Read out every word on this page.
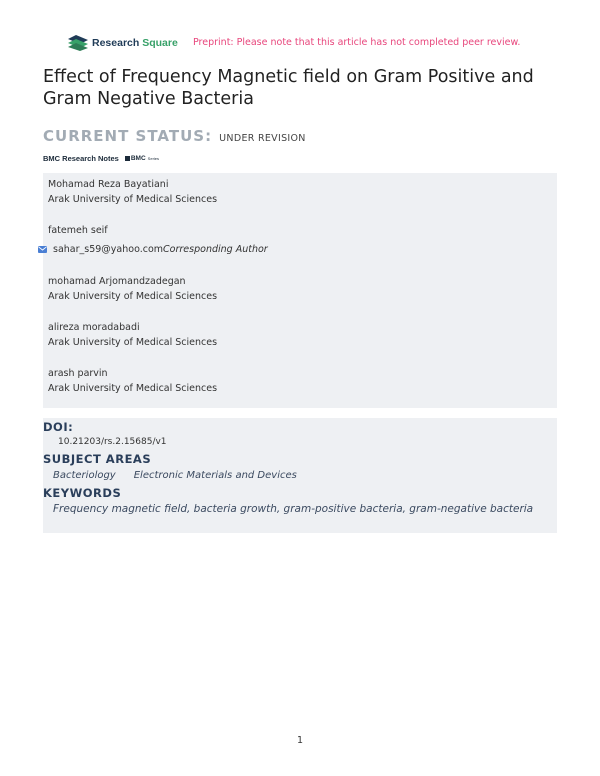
Research Square Preprint: Please note that this article has not completed peer review.
Effect of Frequency Magnetic field on Gram Positive and Gram Negative Bacteria
CURRENT STATUS: UNDER REVISION
BMC Research Notes BMC Series
Mohamad Reza Bayatiani
Arak University of Medical Sciences
fatemeh seif
sahar_s59@yahoo.com Corresponding Author
mohamad Arjomandzadegan
Arak University of Medical Sciences
alireza moradabadi
Arak University of Medical Sciences
arash parvin
Arak University of Medical Sciences
DOI:
10.21203/rs.2.15685/v1
SUBJECT AREAS
Bacteriology Electronic Materials and Devices
KEYWORDS
Frequency magnetic field, bacteria growth, gram-positive bacteria, gram-negative bacteria
1
